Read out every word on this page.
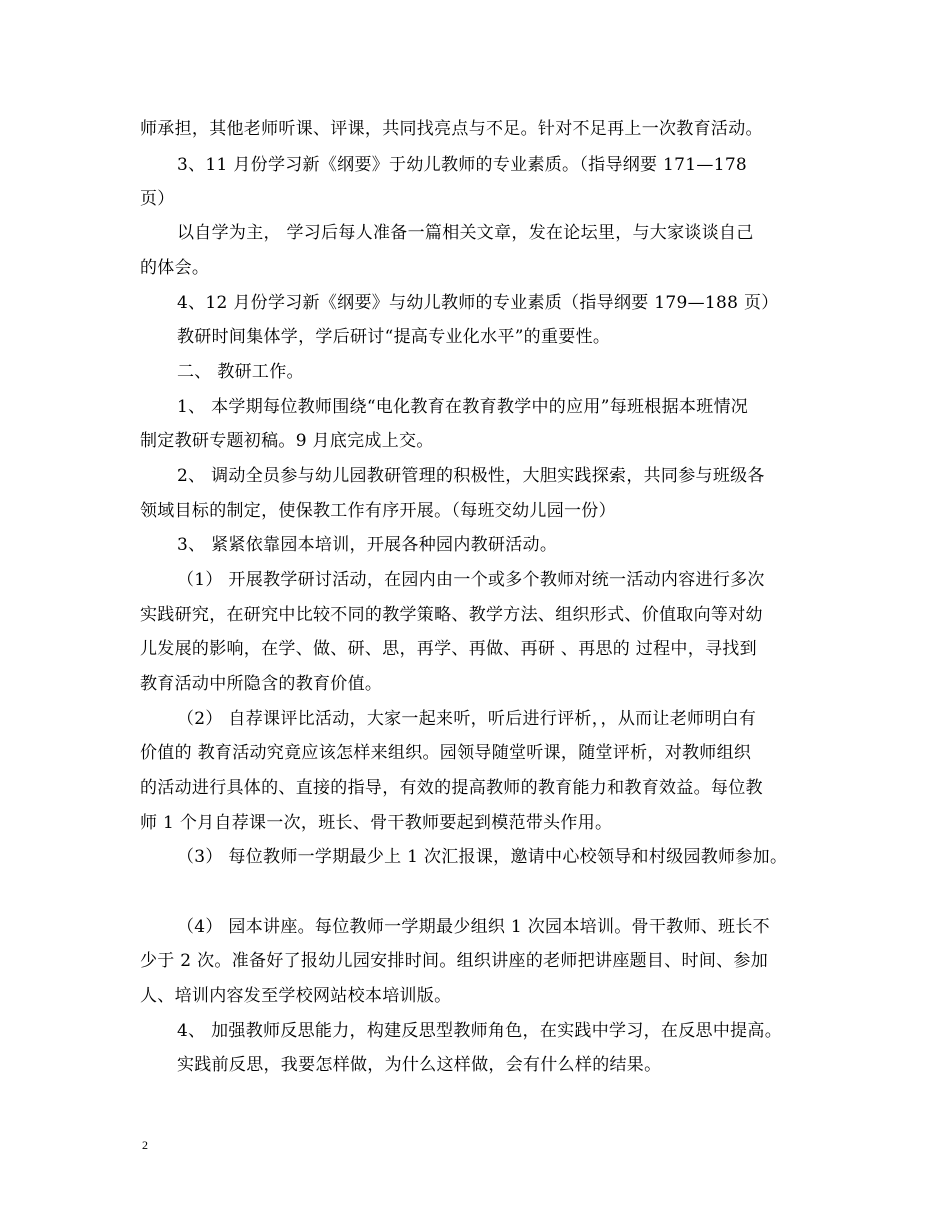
师承担，其他老师听课、评课，共同找亮点与不足。针对不足再上一次教育活动。
3、11 月份学习新《纲要》于幼儿教师的专业素质。（指导纲要 171—178
页）
以自学为主， 学习后每人准备一篇相关文章，发在论坛里，与大家谈谈自己
的体会。
4、12 月份学习新《纲要》与幼儿教师的专业素质（指导纲要 179—188 页）
教研时间集体学，学后研讨“提高专业化水平”的重要性。
二、 教研工作。
1、 本学期每位教师围绕“电化教育在教育教学中的应用”每班根据本班情况
制定教研专题初稿。9 月底完成上交。
2、 调动全员参与幼儿园教研管理的积极性，大胆实践探索，共同参与班级各
领域目标的制定，使保教工作有序开展。（每班交幼儿园一份）
3、 紧紧依靠园本培训，开展各种园内教研活动。
（1） 开展教学研讨活动，在园内由一个或多个教师对统一活动内容进行多次
实践研究，在研究中比较不同的教学策略、教学方法、组织形式、价值取向等对幼
儿发展的影响，在学、做、研、思，再学、再做、再研 、再思的 过程中，寻找到
教育活动中所隐含的教育价值。
（2） 自荐课评比活动，大家一起来听，听后进行评析，，从而让老师明白有
价值的 教育活动究竟应该怎样来组织。园领导随堂听课，随堂评析，对教师组织
的活动进行具体的、直接的指导，有效的提高教师的教育能力和教育效益。每位教
师 1 个月自荐课一次，班长、骨干教师要起到模范带头作用。
（3） 每位教师一学期最少上 1 次汇报课，邀请中心校领导和村级园教师参加。
（4） 园本讲座。每位教师一学期最少组织 1 次园本培训。骨干教师、班长不
少于 2 次。准备好了报幼儿园安排时间。组织讲座的老师把讲座题目、时间、参加
人、培训内容发至学校网站校本培训版。
4、 加强教师反思能力，构建反思型教师角色，在实践中学习，在反思中提高。
实践前反思，我要怎样做，为什么这样做，会有什么样的结果。
2
